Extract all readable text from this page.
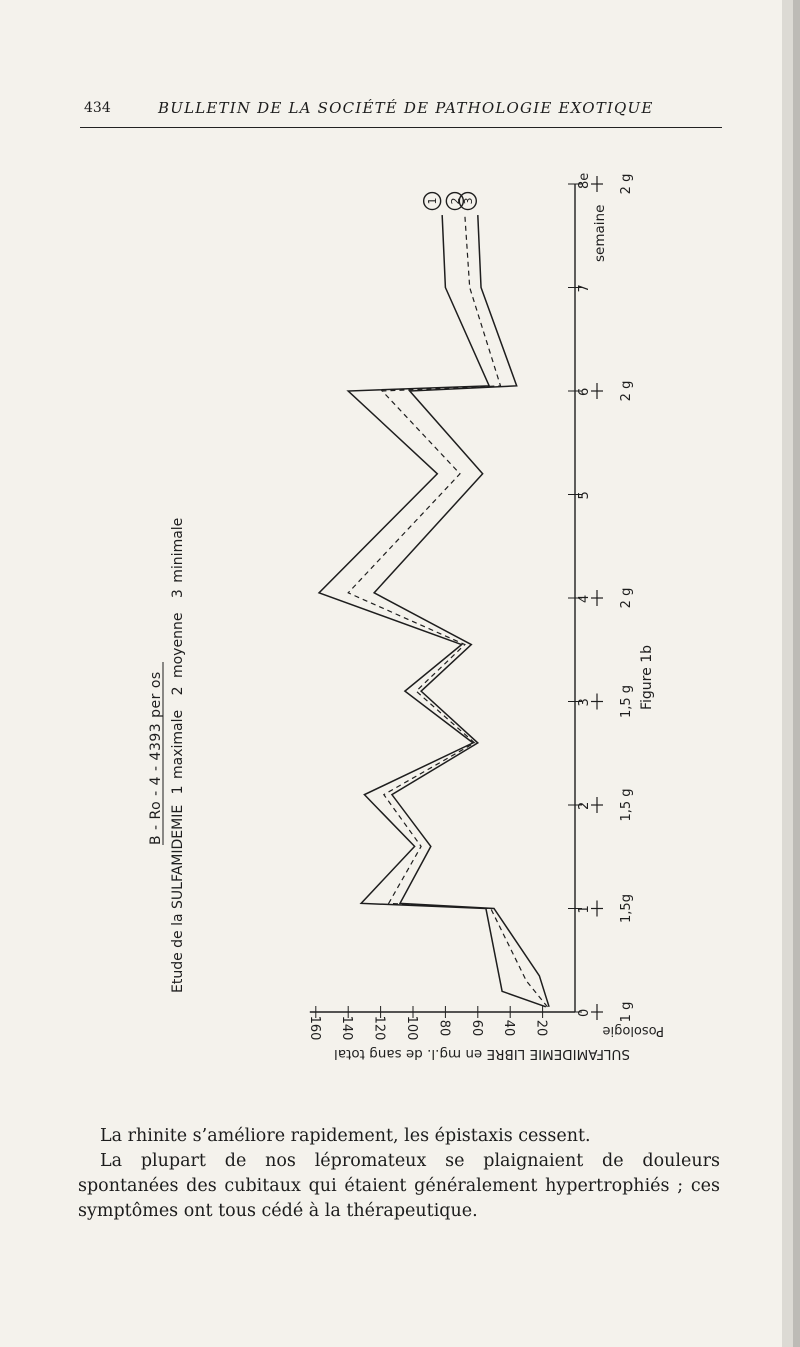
434	BULLETIN DE LA SOCIÉTÉ DE PATHOLOGIE EXOTIQUE
B - Ro - 4 - 4393 per os
Etude de la SULFAMIDEMIE 1 maximale 2 moyenne 3 minimale
SULFAMIDEMIE LIBRE en mg.l. de sang total
Posologie
semaine
Figure 1b
0
1
2
3
4
5
6
7
8e
20
40
60
80
100
120
140
160
1 g
1,5g
1,5 g
1,5 g
2 g
2 g
2 g
1 2 3

La rhinite s’améliore rapidement, les épistaxis cessent.

La plupart de nos lépromateux se plaignaient de douleurs spontanées des cubitaux qui étaient généralement hypertrophiés ; ces symptômes ont tous cédé à la thérapeutique.
